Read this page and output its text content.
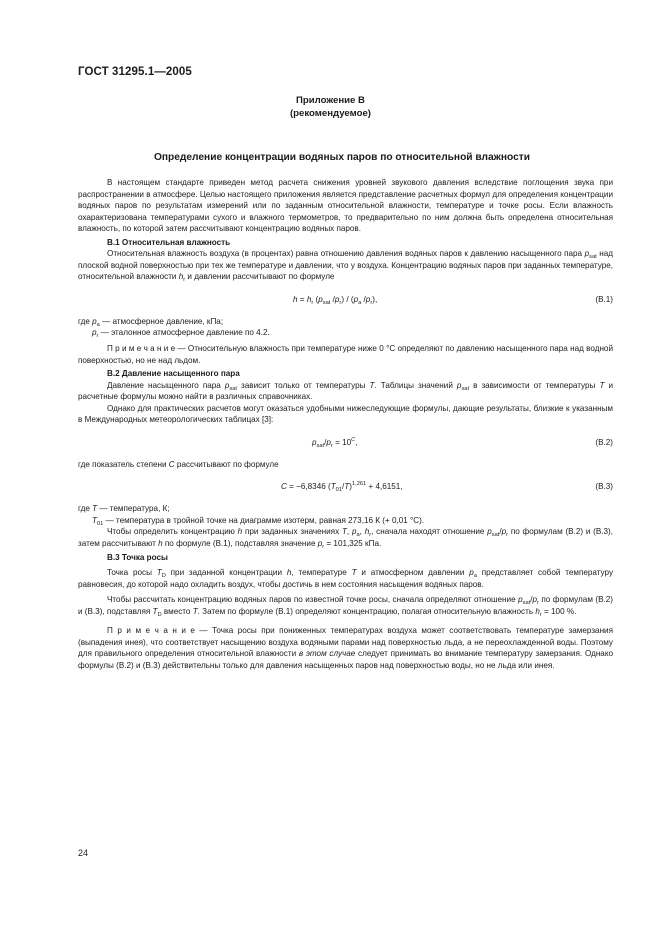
ГОСТ 31295.1—2005
Приложение В
(рекомендуемое)
Определение концентрации водяных паров по относительной влажности

В настоящем стандарте приведен метод расчета снижения уровней звукового давления вследствие поглощения звука при распространении в атмосфере. Целью настоящего приложения является представление расчетных формул для определения концентрации водяных паров по результатам измерений или по заданным относительной влажности, температуре и точке росы. Если влажность охарактеризована температурами сухого и влажного термометров, то предварительно по ним должна быть определена относительная влажность, по которой затем рассчитывают концентрацию водяных паров.

В.1 Относительная влажность

Относительная влажность воздуха (в процентах) равна отношению давления водяных паров к давлению насыщенного пара $p_{sat}$ над плоской водной поверхностью при тех же температуре и давлении, что у воздуха. Концентрацию водяных паров при заданных температуре, относительной влажности $h_r$ и давлении рассчитывают по формуле

$h = h_r$ ($p_{sat}$ $/p_r) / (p_a$ $/p_r$),	(В.1)

где $p_a$ — атмосферное давление, кПа;

$p_r$ — эталонное атмосферное давление по 4.2.

П р и м е ч а н и е — Относительную влажность при температуре ниже 0 °С определяют по давлению насыщенного пара над водной поверхностью, но не над льдом.

В.2 Давление насыщенного пара

Давление насыщенного пара $p_{sat}$ зависит только от температуры T. Таблицы значений $p_{sat}$ в зависимости от температуры T и расчетные формулы можно найти в различных справочниках.

Однако для практических расчетов могут оказаться удобными нижеследующие формулы, дающие результаты, близкие к указанным в Международных метеорологических таблицах [3]:

$p_{sat}/p_r = 10^C$,	(В.2)

где показатель степени C рассчитывают по формуле

C = −6,8346 $(T_{01}/T)^{1,261} + 4,6151$,	(В.3)

где T — температура, К;

$T_{01}$ — температура в тройной точке на диаграмме изотерм, равная 273,16 К (+ 0,01 °С).

Чтобы определить концентрацию h при заданных значениях T, $p_a$, $h_r$, сначала находят отношение $p_{sat}/p_r$ по формулам (В.2) и (В.3), затем рассчитывают h по формуле (В.1), подставляя значение $p_r = 101,325$ кПа.

В.3 Точка росы

Точка росы $T_D$ при заданной концентрации h, температуре T и атмосферном давлении $p_a$ представляет собой температуру равновесия, до которой надо охладить воздух, чтобы достичь в нем состояния насыщения водяных паров.

Чтобы рассчитать концентрацию водяных паров по известной точке росы, сначала определяют отношение $p_{sat}/p_r$ по формулам (В.2) и (В.3), подставляя $T_D$ вместо T. Затем по формуле (В.1) определяют концентрацию, полагая относительную влажность $h_r = 100$ %.

П р и м е ч а н и е — Точка росы при пониженных температурах воздуха может соответствовать температуре замерзания (выпадения инея), что соответствует насыщению воздуха водяными парами над поверхностью льда, а не переохлажденной воды. Поэтому для правильного определения относительной влажности в этом случае следует принимать во внимание температуру замерзания. Однако формулы (В.2) и (В.3) действительны только для давления насыщенных паров над поверхностью воды, но не льда или инея.

24
